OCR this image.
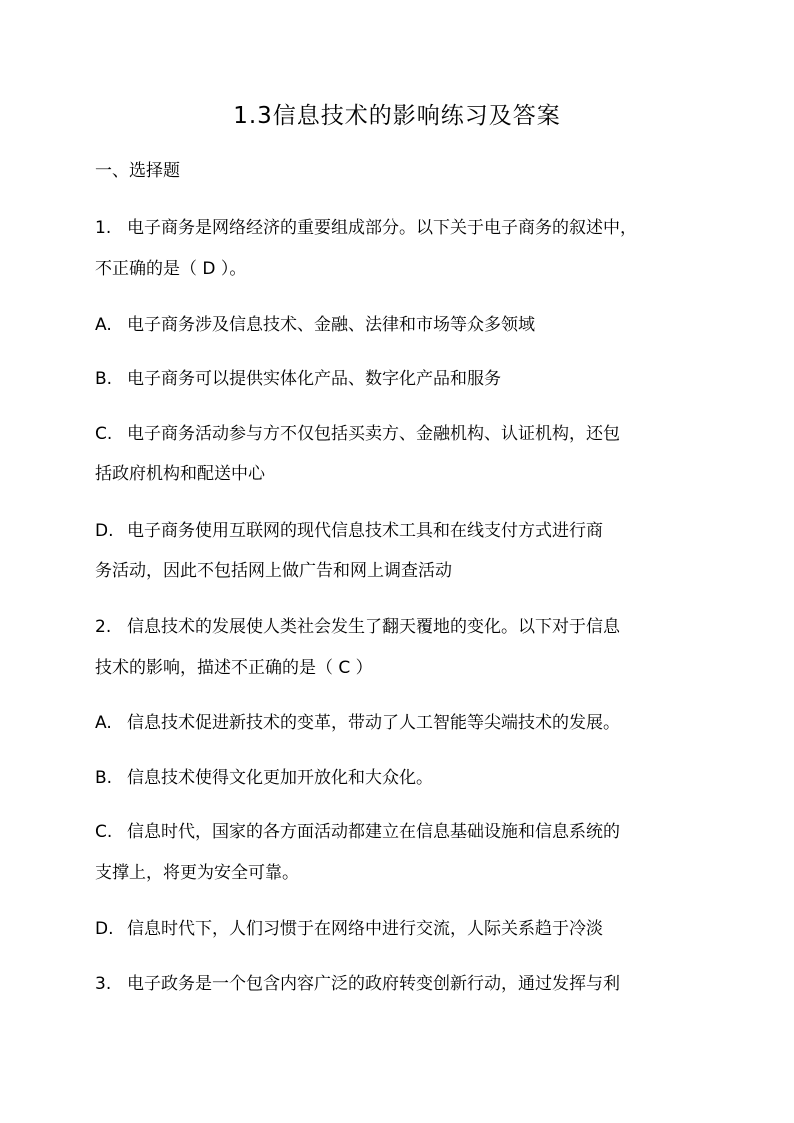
1.3信息技术的影响练习及答案
一、选择题
1. 电子商务是网络经济的重要组成部分。以下关于电子商务的叙述中，
不正确的是（ D ）。
A. 电子商务涉及信息技术、金融、法律和市场等众多领域
B. 电子商务可以提供实体化产品、数字化产品和服务
C. 电子商务活动参与方不仅包括买卖方、金融机构、认证机构，还包
括政府机构和配送中心
D. 电子商务使用互联网的现代信息技术工具和在线支付方式进行商
务活动，因此不包括网上做广告和网上调查活动
2. 信息技术的发展使人类社会发生了翻天覆地的变化。以下对于信息
技术的影响，描述不正确的是（ C ）
A. 信息技术促进新技术的变革，带动了人工智能等尖端技术的发展。
B. 信息技术使得文化更加开放化和大众化。
C. 信息时代，国家的各方面活动都建立在信息基础设施和信息系统的
支撑上，将更为安全可靠。
D. 信息时代下，人们习惯于在网络中进行交流，人际关系趋于冷淡
3. 电子政务是一个包含内容广泛的政府转变创新行动，通过发挥与利
